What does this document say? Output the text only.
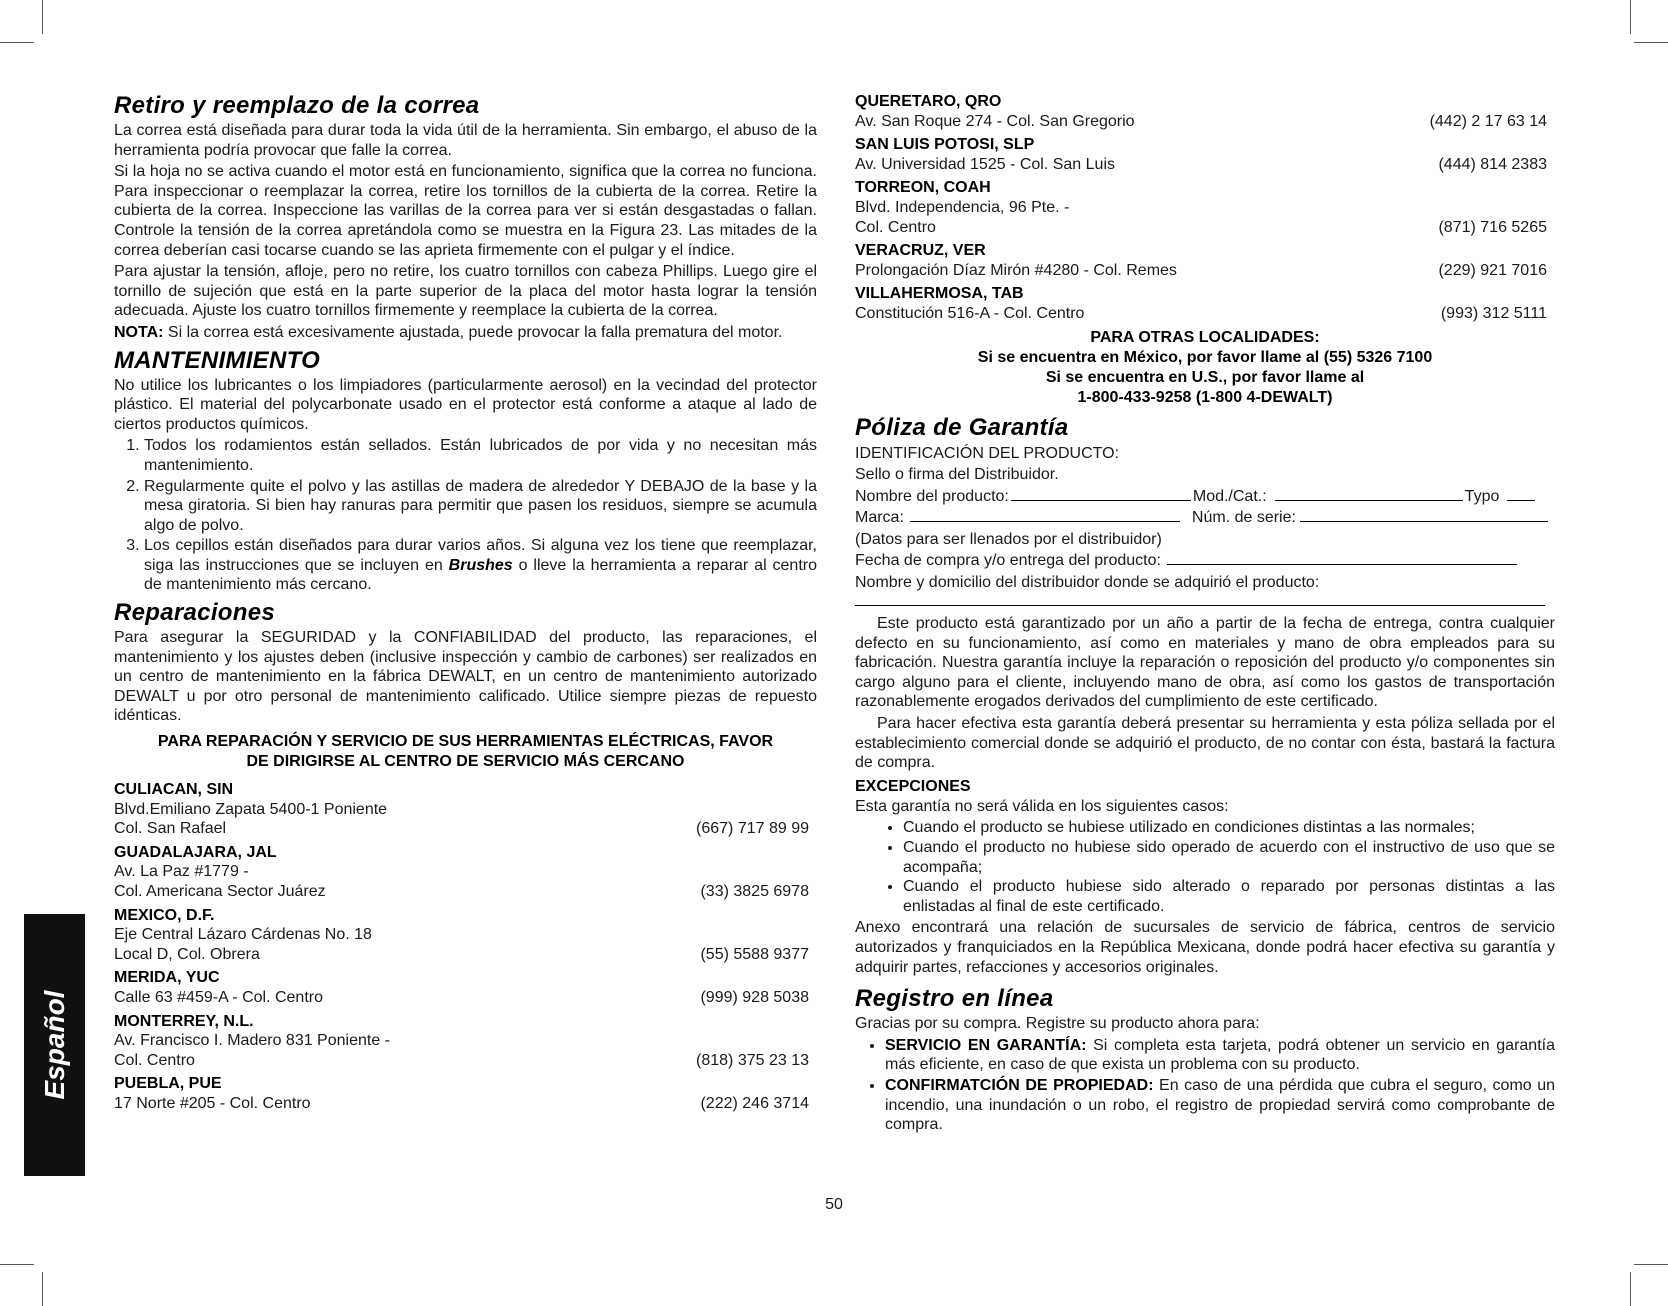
Retiro y reemplazo de la correa

La correa está diseñada para durar toda la vida útil de la herramienta. Sin embargo, el abuso de la herramienta podría provocar que falle la correa.

Si la hoja no se activa cuando el motor está en funcionamiento, significa que la correa no funciona. Para inspeccionar o reemplazar la correa, retire los tornillos de la cubierta de la correa. Retire la cubierta de la correa. Inspeccione las varillas de la correa para ver si están desgastadas o fallan. Controle la tensión de la correa apretándola como se muestra en la Figura 23. Las mitades de la correa deberían casi tocarse cuando se las aprieta firmemente con el pulgar y el índice.

Para ajustar la tensión, afloje, pero no retire, los cuatro tornillos con cabeza Phillips. Luego gire el tornillo de sujeción que está en la parte superior de la placa del motor hasta lograr la tensión adecuada. Ajuste los cuatro tornillos firmemente y reemplace la cubierta de la correa.

NOTA: Si la correa está excesivamente ajustada, puede provocar la falla prematura del motor.

MANTENIMIENTO

No utilice los lubricantes o los limpiadores (particularmente aerosol) en la vecindad del protector plástico. El material del polycarbonate usado en el protector está conforme a ataque al lado de ciertos productos químicos.

1. Todos los rodamientos están sellados. Están lubricados de por vida y no necesitan más mantenimiento.
2. Regularmente quite el polvo y las astillas de madera de alrededor Y DEBAJO de la base y la mesa giratoria. Si bien hay ranuras para permitir que pasen los residuos, siempre se acumula algo de polvo.
3. Los cepillos están diseñados para durar varios años. Si alguna vez los tiene que reemplazar, siga las instrucciones que se incluyen en Brushes o lleve la herramienta a reparar al centro de mantenimiento más cercano.
Reparaciones

Para asegurar la SEGURIDAD y la CONFIABILIDAD del producto, las reparaciones, el mantenimiento y los ajustes deben (inclusive inspección y cambio de carbones) ser realizados en un centro de mantenimiento en la fábrica DEWALT, en un centro de mantenimiento autorizado DEWALT u por otro personal de mantenimiento calificado. Utilice siempre piezas de repuesto idénticas.

PARA REPARACIÓN Y SERVICIO DE SUS HERRAMIENTAS ELÉCTRICAS, FAVOR
DE DIRIGIRSE AL CENTRO DE SERVICIO MÁS CERCANO
CULIACAN, SIN
Blvd.Emiliano Zapata 5400-1 Poniente
Col. San Rafael	(667) 717 89 99
GUADALAJARA, JAL
Av. La Paz #1779 -
Col. Americana Sector Juárez	(33) 3825 6978
MEXICO, D.F.
Eje Central Lázaro Cárdenas No. 18
Local D, Col. Obrera	(55) 5588 9377
MERIDA, YUC
Calle 63 #459-A - Col. Centro	(999) 928 5038
MONTERREY, N.L.
Av. Francisco I. Madero 831 Poniente -
Col. Centro	(818) 375 23 13
PUEBLA, PUE
17 Norte #205 - Col. Centro	(222) 246 3714
QUERETARO, QRO
Av. San Roque 274 - Col. San Gregorio	(442) 2 17 63 14
SAN LUIS POTOSI, SLP
Av. Universidad 1525 - Col. San Luis	(444) 814 2383
TORREON, COAH
Blvd. Independencia, 96 Pte. -
Col. Centro	(871) 716 5265
VERACRUZ, VER
Prolongación Díaz Mirón #4280 - Col. Remes	(229) 921 7016
VILLAHERMOSA, TAB
Constitución 516-A - Col. Centro	(993) 312 5111
PARA OTRAS LOCALIDADES:
Si se encuentra en México, por favor llame al (55) 5326 7100
Si se encuentra en U.S., por favor llame al
1-800-433-9258 (1-800 4-DEWALT)
Póliza de Garantía
IDENTIFICACIÓN DEL PRODUCTO:
Sello o firma del Distribuidor.
Nombre del producto:	Mod./Cat.:	Typo
Marca:	Núm. de serie:
(Datos para ser llenados por el distribuidor)
Fecha de compra y/o entrega del producto:
Nombre y domicilio del distribuidor donde se adquirió el producto:

Este producto está garantizado por un año a partir de la fecha de entrega, contra cualquier defecto en su funcionamiento, así como en materiales y mano de obra empleados para su fabricación. Nuestra garantía incluye la reparación o reposición del producto y/o componentes sin cargo alguno para el cliente, incluyendo mano de obra, así como los gastos de transportación razonablemente erogados derivados del cumplimiento de este certificado.

Para hacer efectiva esta garantía deberá presentar su herramienta y esta póliza sellada por el establecimiento comercial donde se adquirió el producto, de no contar con ésta, bastará la factura de compra.

EXCEPCIONES

Esta garantía no será válida en los siguientes casos:

• Cuando el producto se hubiese utilizado en condiciones distintas a las normales;
• Cuando el producto no hubiese sido operado de acuerdo con el instructivo de uso que se acompaña;
• Cuando el producto hubiese sido alterado o reparado por personas distintas a las enlistadas al final de este certificado.

Anexo encontrará una relación de sucursales de servicio de fábrica, centros de servicio autorizados y franquiciados en la República Mexicana, donde podrá hacer efectiva su garantía y adquirir partes, refacciones y accesorios originales.

Registro en línea

Gracias por su compra. Registre su producto ahora para:

• SERVICIO EN GARANTÍA: Si completa esta tarjeta, podrá obtener un servicio en garantía más eficiente, en caso de que exista un problema con su producto.
• CONFIRMATCIÓN DE PROPIEDAD: En caso de una pérdida que cubra el seguro, como un incendio, una inundación o un robo, el registro de propiedad servirá como comprobante de compra.
Español
50
